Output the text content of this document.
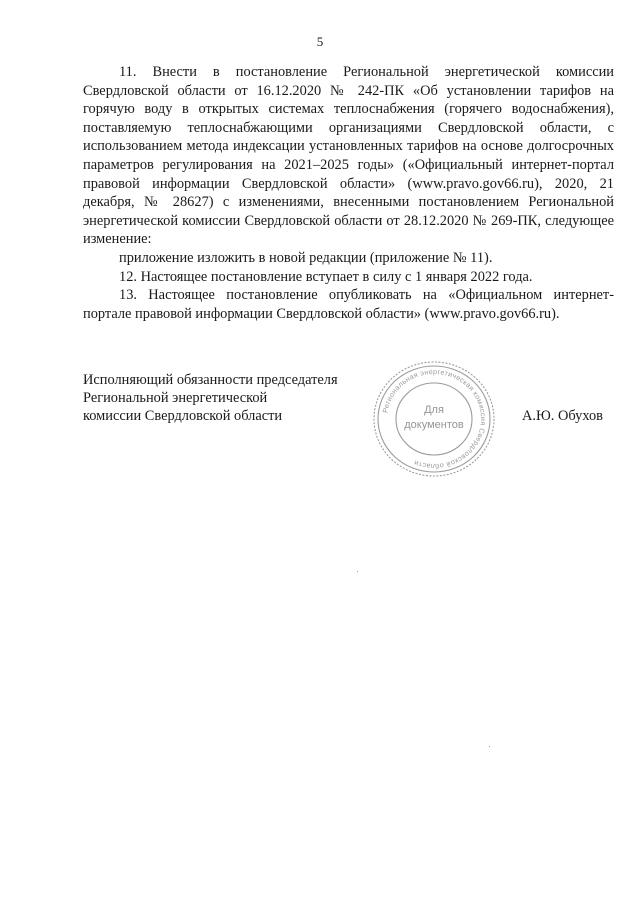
5

11. Внести в постановление Региональной энергетической комиссии Свердловской области от 16.12.2020 № 242-ПК «Об установлении тарифов на горячую воду в открытых системах теплоснабжения (горячего водоснабжения), поставляемую теплоснабжающими организациями Свердловской области, с использованием метода индексации установленных тарифов на основе долгосрочных параметров регулирования на 2021–2025 годы» («Официальный интернет-портал правовой информации Свердловской области» (www.pravo.gov66.ru), 2020, 21 декабря, № 28627) с изменениями, внесенными постановлением Региональной энергетической комиссии Свердловской области от 28.12.2020 № 269-ПК, следующее изменение:

приложение изложить в новой редакции (приложение № 11).

12. Настоящее постановление вступает в силу с 1 января 2022 года.

13. Настоящее постановление опубликовать на «Официальном интернет-портале правовой информации Свердловской области» (www.pravo.gov66.ru).

Исполняющий обязанности председателя
Региональной энергетической
комиссии Свердловской области	А.Ю. Обухов
Региональная энергетическая комиссия Свердловской области
Для
документов
